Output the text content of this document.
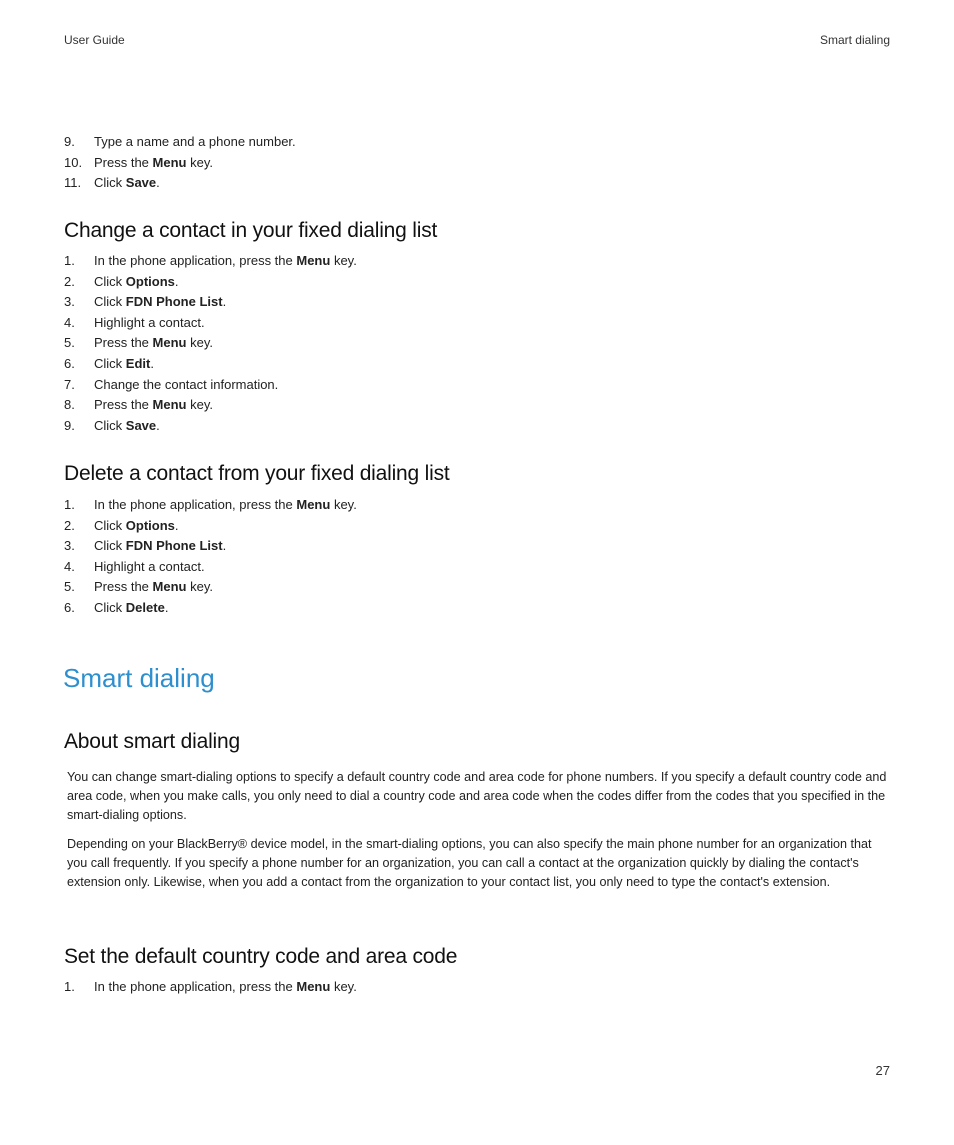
User Guide	Smart dialing
9. Type a name and a phone number.
10. Press the Menu key.
11. Click Save.
Change a contact in your fixed dialing list
1. In the phone application, press the Menu key.
2. Click Options.
3. Click FDN Phone List.
4. Highlight a contact.
5. Press the Menu key.
6. Click Edit.
7. Change the contact information.
8. Press the Menu key.
9. Click Save.
Delete a contact from your fixed dialing list
1. In the phone application, press the Menu key.
2. Click Options.
3. Click FDN Phone List.
4. Highlight a contact.
5. Press the Menu key.
6. Click Delete.
Smart dialing
About smart dialing

You can change smart-dialing options to specify a default country code and area code for phone numbers. If you specify a default country code and area code, when you make calls, you only need to dial a country code and area code when the codes differ from the codes that you specified in the smart-dialing options.

Depending on your BlackBerry® device model, in the smart-dialing options, you can also specify the main phone number for an organization that you call frequently. If you specify a phone number for an organization, you can call a contact at the organization quickly by dialing the contact's extension only. Likewise, when you add a contact from the organization to your contact list, you only need to type the contact's extension.

Set the default country code and area code
1. In the phone application, press the Menu key.
27
